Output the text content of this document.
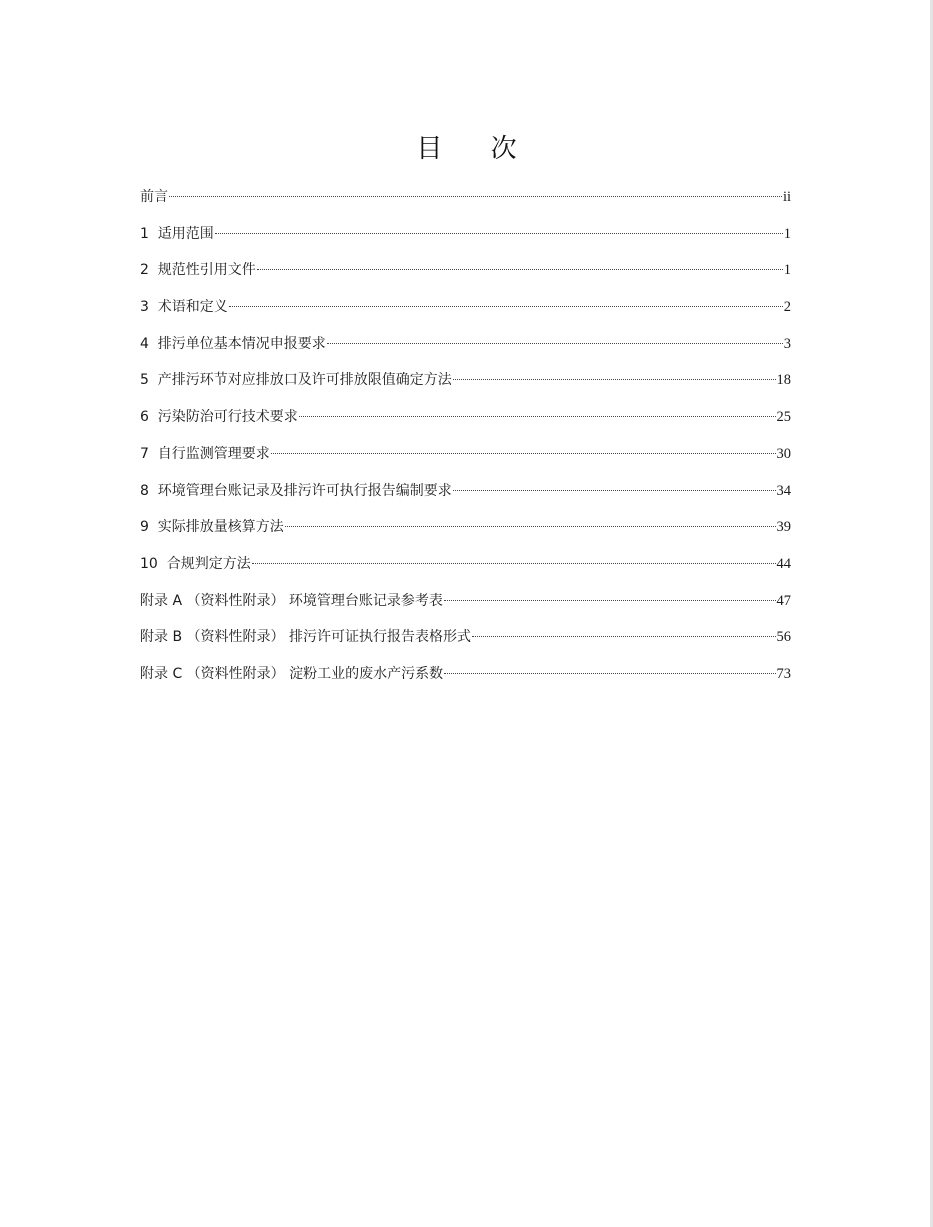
目 次
前言	ii
1  适用范围	1
2  规范性引用文件	1
3  术语和定义	2
4  排污单位基本情况申报要求	3
5  产排污环节对应排放口及许可排放限值确定方法	18
6  污染防治可行技术要求	25
7  自行监测管理要求	30
8  环境管理台账记录及排污许可执行报告编制要求	34
9  实际排放量核算方法	39
10  合规判定方法	44
附录 A （资料性附录） 环境管理台账记录参考表	47
附录 B （资料性附录） 排污许可证执行报告表格形式	56
附录 C （资料性附录） 淀粉工业的废水产污系数	73
